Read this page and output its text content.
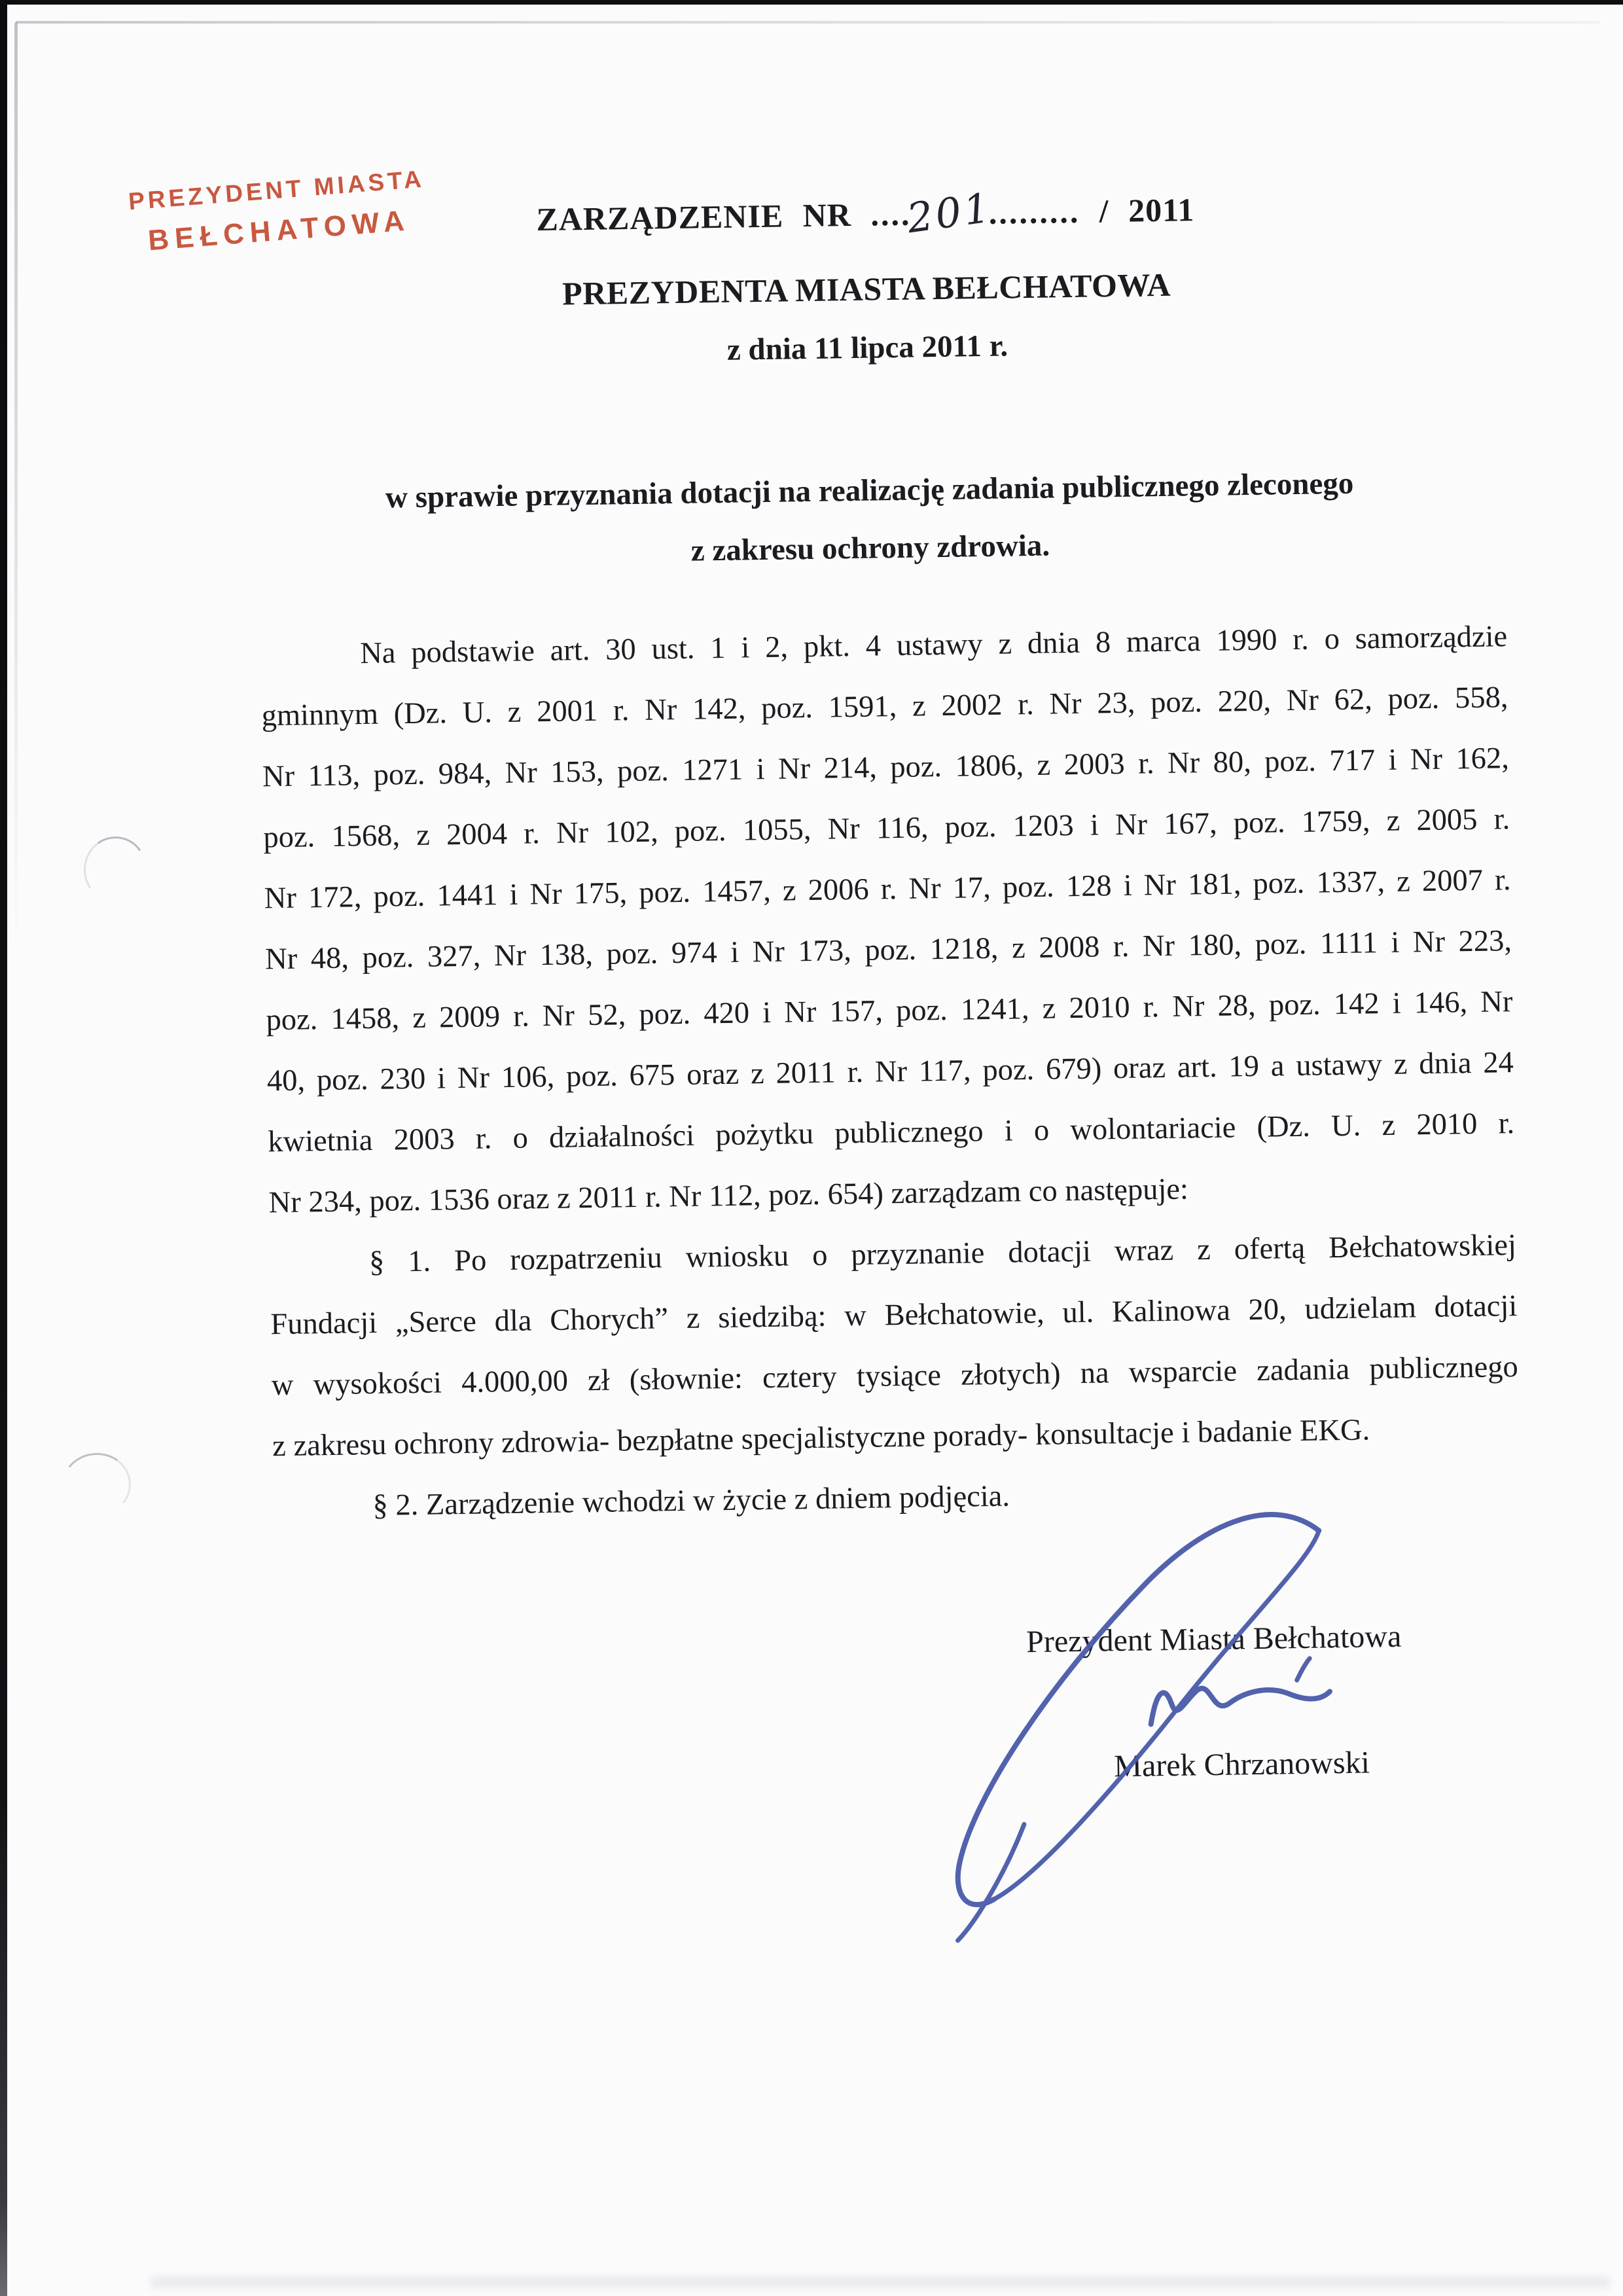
PREZYDENT MIASTA
BEŁCHATOWA	ZARZĄDZENIE NR ....201......... / 2011
PREZYDENTA MIASTA BEŁCHATOWA
z dnia 11 lipca 2011 r.
w sprawie przyznania dotacji na realizację zadania publicznego zleconego
z zakresu ochrony zdrowia.
Na podstawie art. 30 ust. 1 i 2, pkt. 4 ustawy z dnia 8 marca 1990 r. o samorządzie
gminnym (Dz. U. z 2001 r. Nr 142, poz. 1591, z 2002 r. Nr 23, poz. 220, Nr 62, poz. 558,
Nr 113, poz. 984, Nr 153, poz. 1271 i Nr 214, poz. 1806, z 2003 r. Nr 80, poz. 717 i Nr 162,
poz. 1568, z 2004 r. Nr 102, poz. 1055, Nr 116, poz. 1203 i Nr 167, poz. 1759, z 2005 r.
Nr 172, poz. 1441 i Nr 175, poz. 1457, z 2006 r. Nr 17, poz. 128 i Nr 181, poz. 1337, z 2007 r.
Nr 48, poz. 327, Nr 138, poz. 974 i Nr 173, poz. 1218, z 2008 r. Nr 180, poz. 1111 i Nr 223,
poz. 1458, z 2009 r. Nr 52, poz. 420 i Nr 157, poz. 1241, z 2010 r. Nr 28, poz. 142 i 146, Nr
40, poz. 230 i Nr 106, poz. 675 oraz z 2011 r. Nr 117, poz. 679) oraz art. 19 a ustawy z dnia 24
kwietnia 2003 r. o działalności pożytku publicznego i o wolontariacie (Dz. U. z 2010 r.
Nr 234, poz. 1536 oraz z 2011 r. Nr 112, poz. 654) zarządzam co następuje:
§ 1. Po rozpatrzeniu wniosku o przyznanie dotacji wraz z ofertą Bełchatowskiej
Fundacji „Serce dla Chorych” z siedzibą: w Bełchatowie, ul. Kalinowa 20, udzielam dotacji
w wysokości 4.000,00 zł (słownie: cztery tysiące złotych) na wsparcie zadania publicznego
z zakresu ochrony zdrowia- bezpłatne specjalistyczne porady- konsultacje i badanie EKG.
§ 2. Zarządzenie wchodzi w życie z dniem podjęcia.
Prezydent Miasta Bełchatowa
Marek Chrzanowski
